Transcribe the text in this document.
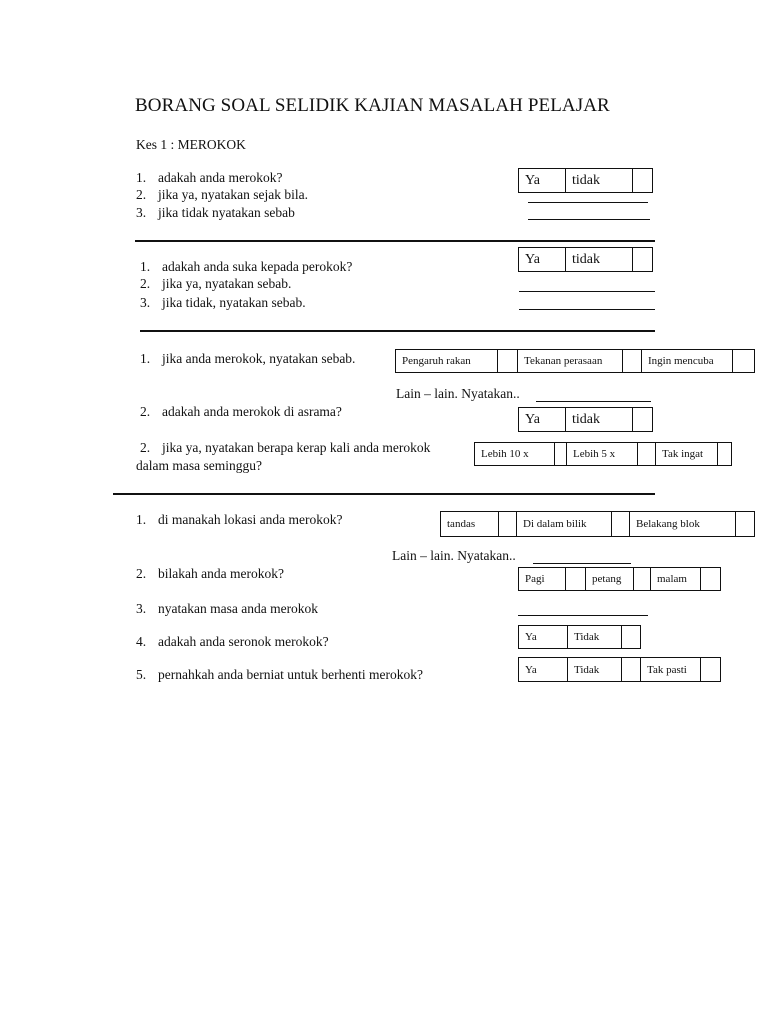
BORANG SOAL SELIDIK KAJIAN MASALAH PELAJAR
Kes 1 : MEROKOK
1. adakah anda merokok?
2. jika ya, nyatakan sejak bila.
3. jika tidak nyatakan sebab
Ya	tidak
1. adakah anda suka kepada perokok?
2. jika ya, nyatakan sebab.
3. jika tidak, nyatakan sebab.
Ya	tidak
1. jika anda merokok, nyatakan sebab.	Pengaruh rakan	Tekanan perasaan	Ingin mencuba
Lain – lain. Nyatakan..
2. adakah anda merokok di asrama?	Ya	tidak
2. jika ya, nyatakan berapa kerap kali anda merokok
dalam masa seminggu?
Lebih 10 x	Lebih 5 x	Tak ingat
1. di manakah lokasi anda merokok?	tandas	Di dalam bilik	Belakang blok
Lain – lain. Nyatakan..
2. bilakah anda merokok?	Pagi	petang	malam
3. nyatakan masa anda merokok
4. adakah anda seronok merokok?	Ya	Tidak
5. pernahkah anda berniat untuk berhenti merokok?	Ya	Tidak	Tak pasti
